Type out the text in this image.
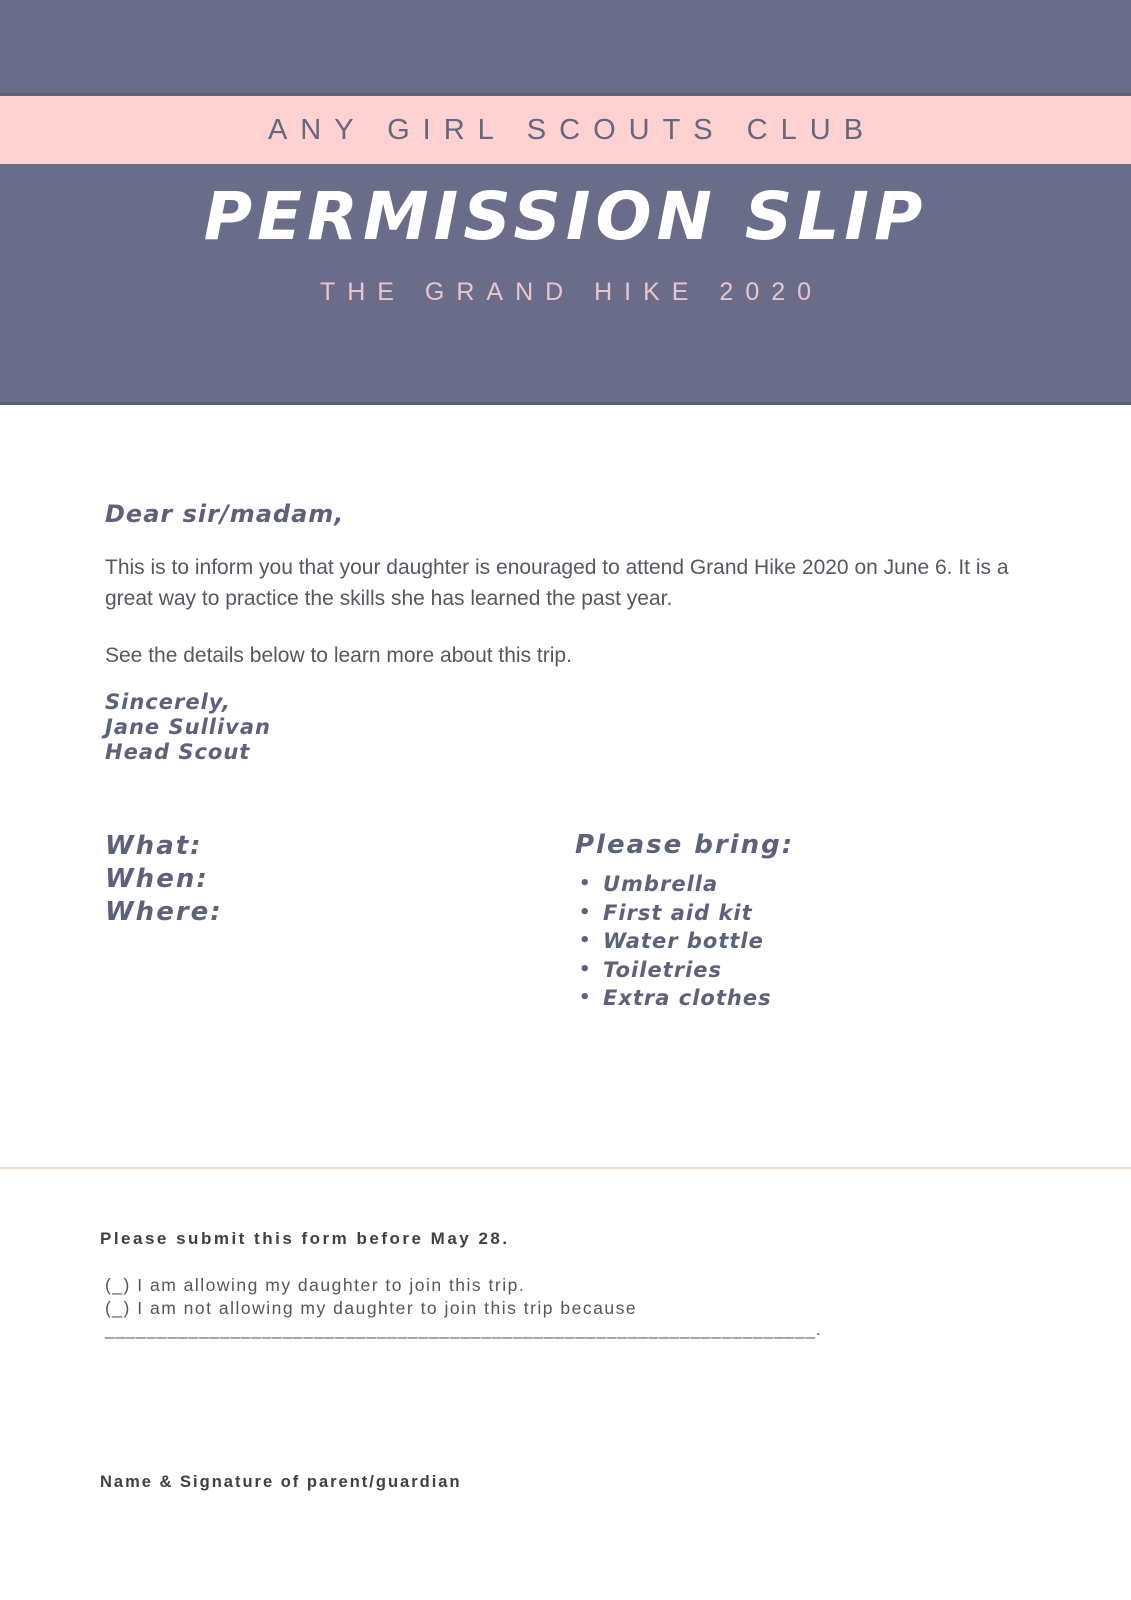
ANY GIRL SCOUTS CLUB
PERMISSION SLIP
THE GRAND HIKE 2020
Dear sir/madam,
This is to inform you that your daughter is enouraged to attend Grand Hike 2020 on June 6. It is a great way to practice the skills she has learned the past year.
See the details below to learn more about this trip.
Sincerely,
Jane Sullivan
Head Scout
What:
When:
Where:
Please bring:
• Umbrella
• First aid kit
• Water bottle
• Toiletries
• Extra clothes
Please submit this form before May 28.
(_) I am allowing my daughter to join this trip.
(_) I am not allowing my daughter to join this trip because
____________________________________________________________________.
Name & Signature of parent/guardian
